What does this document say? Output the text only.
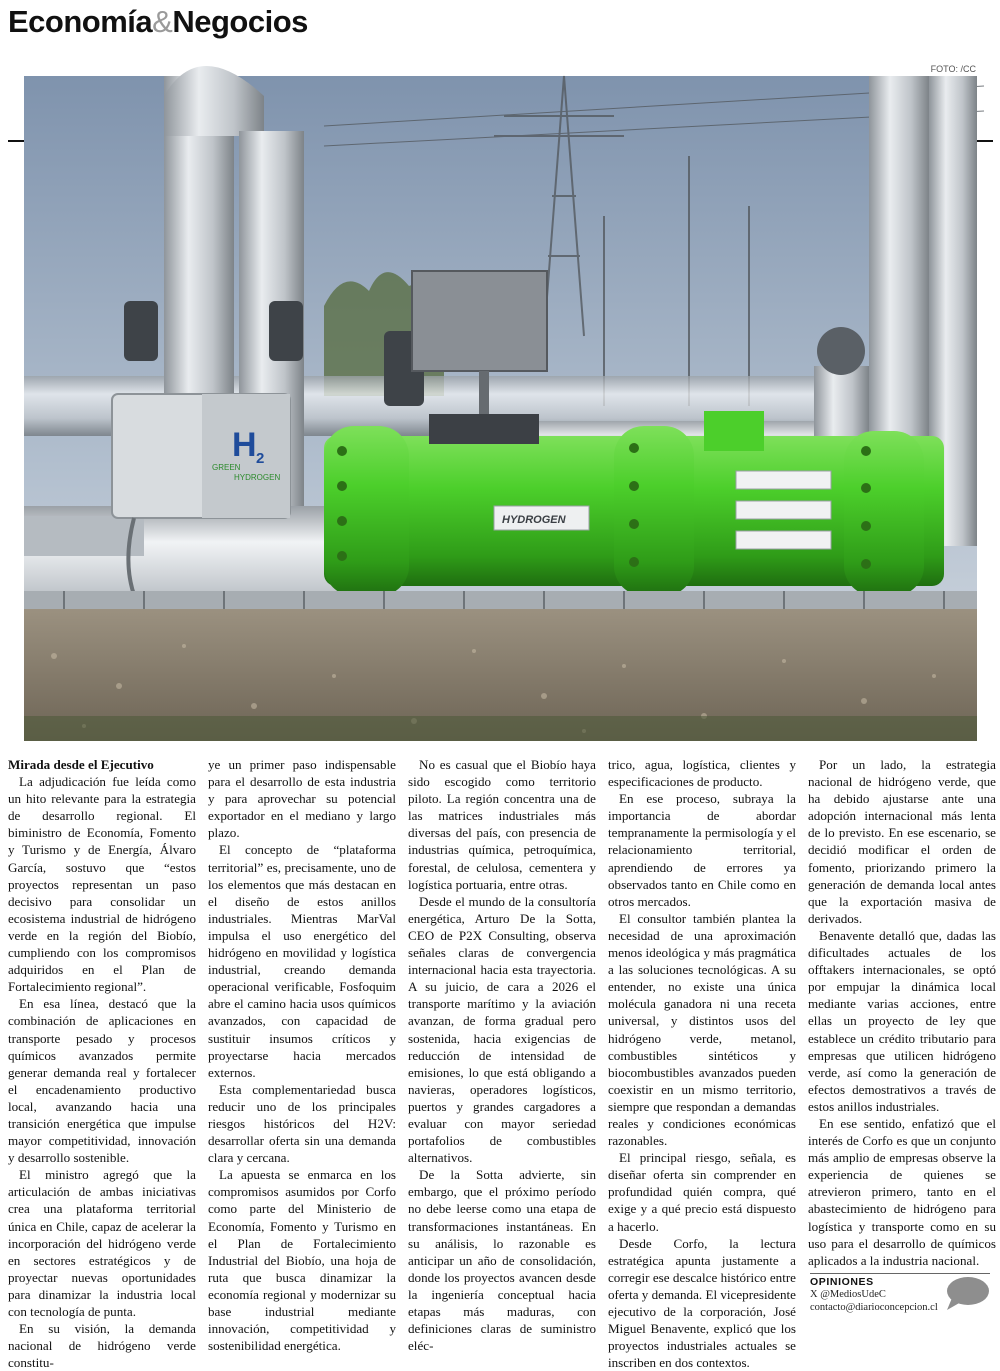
Economía&Negocios
FOTO: /CC
H 2
GREEN
HYDROGEN
HYDROGEN

Mirada desde el Ejecutivo

La adjudicación fue leída como un hito relevante para la estrategia de desarrollo regional. El biministro de Economía, Fomento y Turismo y de Energía, Álvaro García, sostuvo que “estos proyectos representan un paso decisivo para consolidar un ecosistema industrial de hidrógeno verde en la región del Biobío, cumpliendo con los compromisos adquiridos en el Plan de Fortalecimiento regional”.

En esa línea, destacó que la combinación de aplicaciones en transporte pesado y procesos químicos avanzados permite generar demanda real y fortalecer el encadenamiento productivo local, avanzando hacia una transición energética que impulse mayor competitividad, innovación y desarrollo sostenible.

El ministro agregó que la articulación de ambas iniciativas crea una plataforma territorial única en Chile, capaz de acelerar la incorporación del hidrógeno verde en sectores estratégicos y de proyectar nuevas oportunidades para dinamizar la industria local con tecnología de punta.

En su visión, la demanda nacional de hidrógeno verde constitu-

ye un primer paso indispensable para el desarrollo de esta industria y para aprovechar su potencial exportador en el mediano y largo plazo.

El concepto de “plataforma territorial” es, precisamente, uno de los elementos que más destacan en el diseño de estos anillos industriales. Mientras MarVal impulsa el uso energético del hidrógeno en movilidad y logística industrial, creando demanda operacional verificable, Fosfoquim abre el camino hacia usos químicos avanzados, con capacidad de sustituir insumos críticos y proyectarse hacia mercados externos.

Esta complementariedad busca reducir uno de los principales riesgos históricos del H2V: desarrollar oferta sin una demanda clara y cercana.

La apuesta se enmarca en los compromisos asumidos por Corfo como parte del Ministerio de Economía, Fomento y Turismo en el Plan de Fortalecimiento Industrial del Biobío, una hoja de ruta que busca dinamizar la economía regional y modernizar su base industrial mediante innovación, competitividad y sostenibilidad energética.

No es casual que el Biobío haya sido escogido como territorio piloto. La región concentra una de las matrices industriales más diversas del país, con presencia de industrias química, petroquímica, forestal, de celulosa, cementera y logística portuaria, entre otras.

Desde el mundo de la consultoría energética, Arturo De la Sotta, CEO de P2X Consulting, observa señales claras de convergencia internacional hacia esta trayectoria. A su juicio, de cara a 2026 el transporte marítimo y la aviación avanzan, de forma gradual pero sostenida, hacia exigencias de reducción de intensidad de emisiones, lo que está obligando a navieras, operadores logísticos, puertos y grandes cargadores a evaluar con mayor seriedad portafolios de combustibles alternativos.

De la Sotta advierte, sin embargo, que el próximo período no debe leerse como una etapa de transformaciones instantáneas. En su análisis, lo razonable es anticipar un año de consolidación, donde los proyectos avancen desde la ingeniería conceptual hacia etapas más maduras, con definiciones claras de suministro eléc-

trico, agua, logística, clientes y especificaciones de producto.

En ese proceso, subraya la importancia de abordar tempranamente la permisología y el relacionamiento territorial, aprendiendo de errores ya observados tanto en Chile como en otros mercados.

El consultor también plantea la necesidad de una aproximación menos ideológica y más pragmática a las soluciones tecnológicas. A su entender, no existe una única molécula ganadora ni una receta universal, y distintos usos del hidrógeno verde, metanol, combustibles sintéticos y biocombustibles avanzados pueden coexistir en un mismo territorio, siempre que respondan a demandas reales y condiciones económicas razonables.

El principal riesgo, señala, es diseñar oferta sin comprender en profundidad quién compra, qué exige y a qué precio está dispuesto a hacerlo.

Desde Corfo, la lectura estratégica apunta justamente a corregir ese descalce histórico entre oferta y demanda. El vicepresidente ejecutivo de la corporación, José Miguel Benavente, explicó que los proyectos industriales actuales se inscriben en dos contextos.

Por un lado, la estrategia nacional de hidrógeno verde, que ha debido ajustarse ante una adopción internacional más lenta de lo previsto. En ese escenario, se decidió modificar el orden de fomento, priorizando primero la generación de demanda local antes que la exportación masiva de derivados.

Benavente detalló que, dadas las dificultades actuales de los offtakers internacionales, se optó por empujar la dinámica local mediante varias acciones, entre ellas un proyecto de ley que establece un crédito tributario para empresas que utilicen hidrógeno verde, así como la generación de efectos demostrativos a través de estos anillos industriales.

En ese sentido, enfatizó que el interés de Corfo es que un conjunto más amplio de empresas observe la experiencia de quienes se atrevieron primero, tanto en el abastecimiento de hidrógeno para logística y transporte como en su uso para el desarrollo de químicos aplicados a la industria nacional.

OPINIONES
X @MediosUdeC
contacto@diarioconcepcion.cl
